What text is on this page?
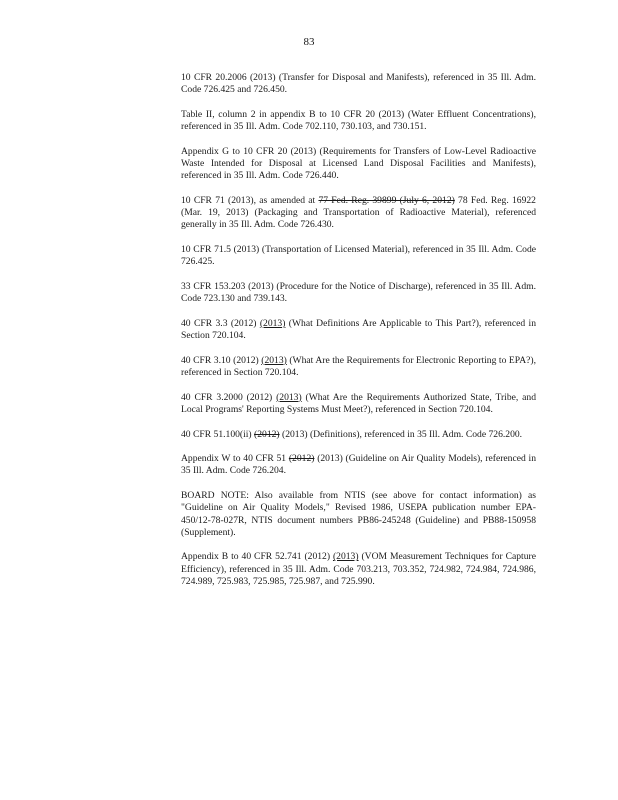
83

10 CFR 20.2006 (2013) (Transfer for Disposal and Manifests), referenced in 35 Ill. Adm. Code 726.425 and 726.450.

Table II, column 2 in appendix B to 10 CFR 20 (2013) (Water Effluent Concentrations), referenced in 35 Ill. Adm. Code 702.110, 730.103, and 730.151.

Appendix G to 10 CFR 20 (2013) (Requirements for Transfers of Low-Level Radioactive Waste Intended for Disposal at Licensed Land Disposal Facilities and Manifests), referenced in 35 Ill. Adm. Code 726.440.

10 CFR 71 (2013), as amended at 77 Fed. Reg. 39899 (July 6, 2012) 78 Fed. Reg. 16922 (Mar. 19, 2013) (Packaging and Transportation of Radioactive Material), referenced generally in 35 Ill. Adm. Code 726.430.

10 CFR 71.5 (2013) (Transportation of Licensed Material), referenced in 35 Ill. Adm. Code 726.425.

33 CFR 153.203 (2013) (Procedure for the Notice of Discharge), referenced in 35 Ill. Adm. Code 723.130 and 739.143.

40 CFR 3.3 (2012) (2013) (What Definitions Are Applicable to This Part?), referenced in Section 720.104.

40 CFR 3.10 (2012) (2013) (What Are the Requirements for Electronic Reporting to EPA?), referenced in Section 720.104.

40 CFR 3.2000 (2012) (2013) (What Are the Requirements Authorized State, Tribe, and Local Programs' Reporting Systems Must Meet?), referenced in Section 720.104.

40 CFR 51.100(ii) (2012) (2013) (Definitions), referenced in 35 Ill. Adm. Code 726.200.

Appendix W to 40 CFR 51 (2012) (2013) (Guideline on Air Quality Models), referenced in 35 Ill. Adm. Code 726.204.

BOARD NOTE: Also available from NTIS (see above for contact information) as "Guideline on Air Quality Models," Revised 1986, USEPA publication number EPA-450/12-78-027R, NTIS document numbers PB86-245248 (Guideline) and PB88-150958 (Supplement).

Appendix B to 40 CFR 52.741 (2012) (2013) (VOM Measurement Techniques for Capture Efficiency), referenced in 35 Ill. Adm. Code 703.213, 703.352, 724.982, 724.984, 724.986, 724.989, 725.983, 725.985, 725.987, and 725.990.
